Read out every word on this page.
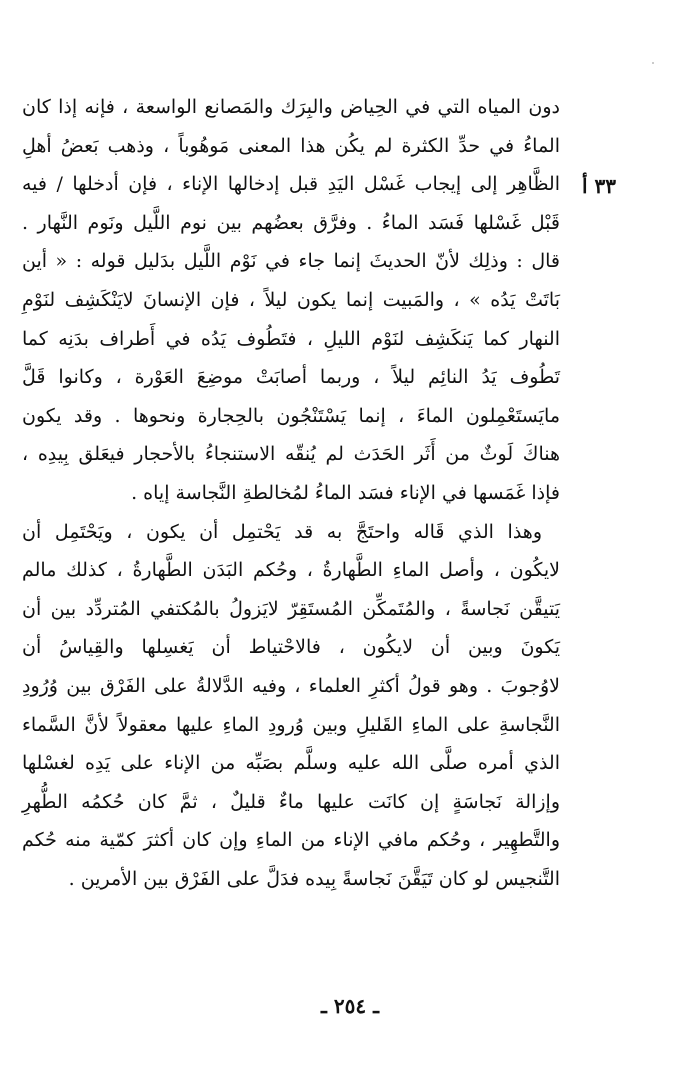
٣٣ أ
دون المياه التي في الحِياض والبِرَك والمَصانع الواسعة ، فإنه إذا كان
الماءُ في حدِّ الكثرة لم يكُن هذا المعنى مَوهُوباً ، وذهب بَعضُ أهلِ
الظَّاهِر إلى إيجاب غَسْل اليَدِ قبل إدخالها الإناء ، فإن أدخلها / فيه
قَبْل غَسْلها فَسَد الماءُ . وفرَّق بعضُهم بين نوم اللَّيل ونَوم النَّهار .
قال : وذلِك لأنّ الحديثَ إنما جاء في نَوْم اللَّيل بدَليل قوله : « أين
بَاتَتْ يَدُه » ، والمَبيت إنما يكون ليلاً ، فإن الإنسانَ لايَنْكَشِف لنَوْمِ
النهار كما يَنكَشِف لنَوْم الليلِ ، فتَطُوف يَدُه في أَطراف بدَنِه كما
تَطُوف يَدُ النائِم ليلاً ، وربما أصابَتْ موضِعَ العَوْرة ، وكانوا قَلَّ
مايَستَعْمِلون الماءَ ، إنما يَسْتَنْجُون بالحِجارة ونحوها . وقد يكون
هناكَ لَوثٌ من أَثَر الحَدَث لم يُنقّه الاستنجاءُ بالأحجار فيعَلق بِيدِه ،
فإذا غَمَسها في الإناء فسَد الماءُ لمُخالطةِ النَّجاسة إياه .
وهذا الذي قَاله واحتَجَّ به قد يَحْتمِل أن يكون ، ويَحْتَمِل أن
لايكُون ، وأصل الماءِ الطَّهارةُ ، وحُكم البَدَن الطَّهارةُ ، كذلك مالم
يَتيقَّن نَجاسةً ، والمُتَمكِّن المُستَقِرّ لايَزولُ بالمُكتفي المُتردِّد بين أن
يَكونَ وبين أن لايكُون ، فالاحْتياط أن يَغسِلها والقِياسُ أن
لاوُجوبَ . وهو قولُ أكثرِ العلماء ، وفيه الدَّلالةُ على الفَرْق بين وُرُودِ
النَّجاسةِ على الماءِ القَليلِ وبين وُرودِ الماءِ عليها معقولاً لأنَّ السَّماء
الذي أمره صلَّى الله عليه وسلَّم بصَبِّه من الإناء على يَدِه لغسْلها
وإزالة نَجاسَةٍ إن كانَت عليها ماءٌ قليلٌ ، ثمَّ كان حُكمُه الطُّهرِ
والتَّطهِير ، وحُكم مافي الإناء من الماءِ وإن كان أكثرَ كمّية منه حُكم
التَّنجيس لو كان تَيَقَّنَ نَجاسةً بِيده فدَلَّ على الفَرْق بين الأمرين .
ـ ٢٥٤ ـ
